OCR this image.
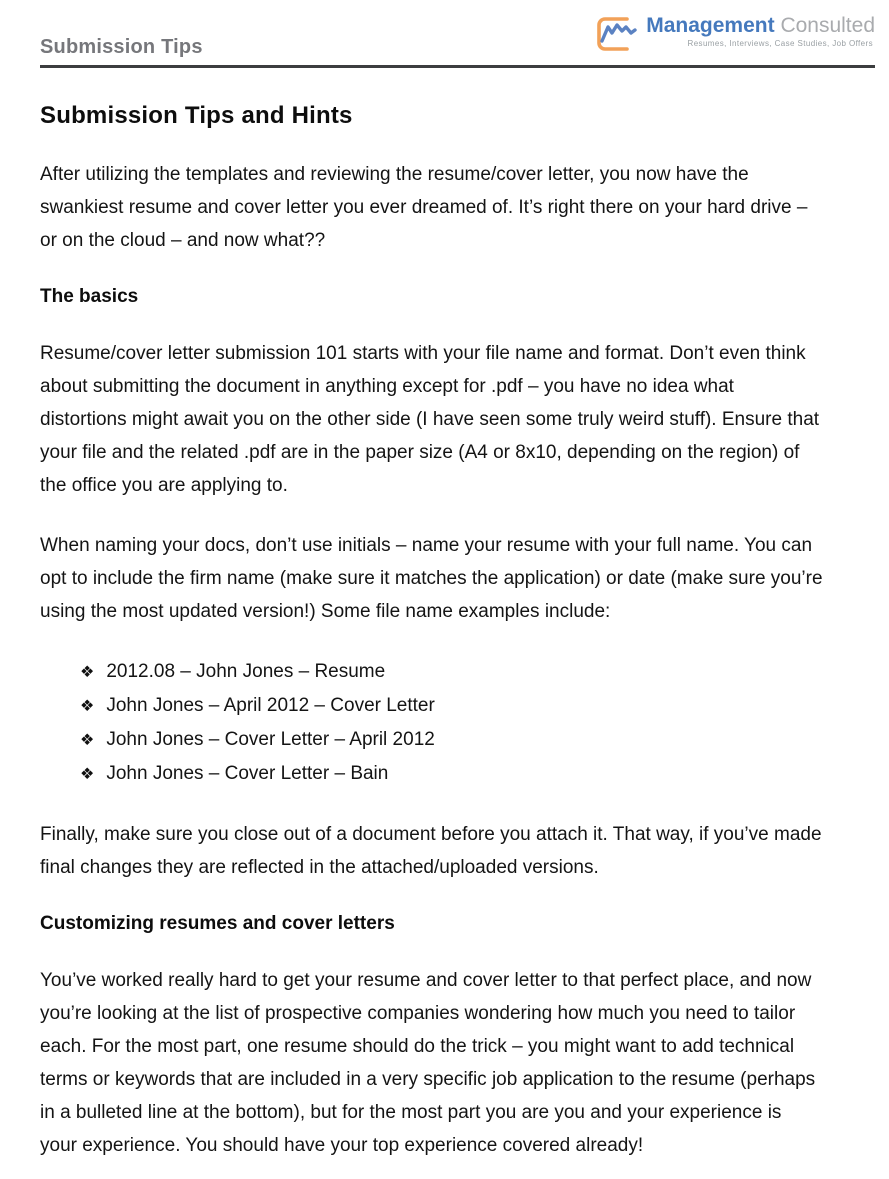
Submission Tips
Management Consulted
Resumes, Interviews, Case Studies, Job Offers
Submission Tips and Hints

After utilizing the templates and reviewing the resume/cover letter, you now have the swankiest resume and cover letter you ever dreamed of. It’s right there on your hard drive – or on the cloud – and now what??

The basics

Resume/cover letter submission 101 starts with your file name and format. Don’t even think about submitting the document in anything except for .pdf – you have no idea what distortions might await you on the other side (I have seen some truly weird stuff). Ensure that your file and the related .pdf are in the paper size (A4 or 8x10, depending on the region) of the office you are applying to.

When naming your docs, don’t use initials – name your resume with your full name. You can opt to include the firm name (make sure it matches the application) or date (make sure you’re using the most updated version!) Some file name examples include:

❖ 2012.08 – John Jones – Resume
❖ John Jones – April 2012 – Cover Letter
❖ John Jones – Cover Letter – April 2012
❖ John Jones – Cover Letter – Bain

Finally, make sure you close out of a document before you attach it. That way, if you’ve made final changes they are reflected in the attached/uploaded versions.

Customizing resumes and cover letters

You’ve worked really hard to get your resume and cover letter to that perfect place, and now you’re looking at the list of prospective companies wondering how much you need to tailor each. For the most part, one resume should do the trick – you might want to add technical terms or keywords that are included in a very specific job application to the resume (perhaps in a bulleted line at the bottom), but for the most part you are you and your experience is your experience. You should have your top experience covered already!
